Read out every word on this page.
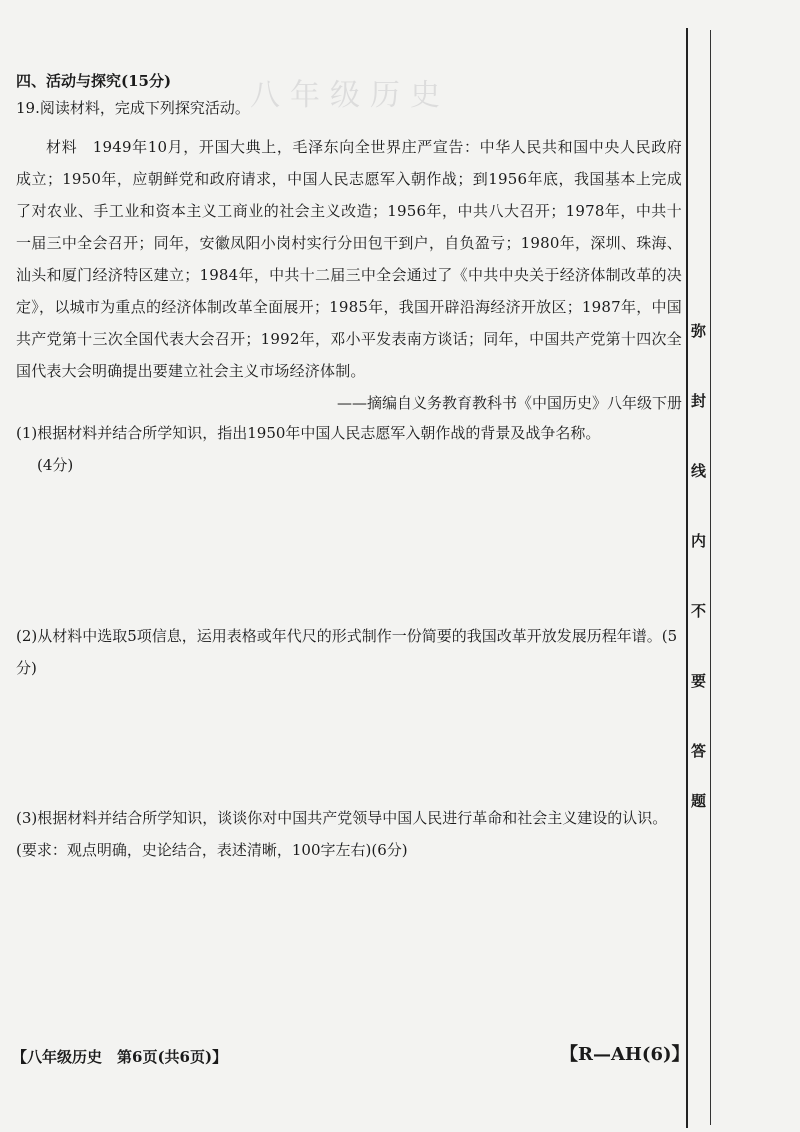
八年级历史
四、活动与探究(15分)
19.阅读材料，完成下列探究活动。

材料　1949年10月，开国大典上，毛泽东向全世界庄严宣告：中华人民共和国中央人民政府成立；1950年，应朝鲜党和政府请求，中国人民志愿军入朝作战；到1956年底，我国基本上完成了对农业、手工业和资本主义工商业的社会主义改造；1956年，中共八大召开；1978年，中共十一届三中全会召开；同年，安徽凤阳小岗村实行分田包干到户，自负盈亏；1980年，深圳、珠海、汕头和厦门经济特区建立；1984年，中共十二届三中全会通过了《中共中央关于经济体制改革的决定》，以城市为重点的经济体制改革全面展开；1985年，我国开辟沿海经济开放区；1987年，中国共产党第十三次全国代表大会召开；1992年，邓小平发表南方谈话；同年，中国共产党第十四次全国代表大会明确提出要建立社会主义市场经济体制。

——摘编自义务教育教科书《中国历史》八年级下册

(1)根据材料并结合所学知识，指出1950年中国人民志愿军入朝作战的背景及战争名称。
(4分)

(2)从材料中选取5项信息，运用表格或年代尺的形式制作一份简要的我国改革开放发展历程年谱。(5分)

(3)根据材料并结合所学知识，谈谈你对中国共产党领导中国人民进行革命和社会主义建设的认识。(要求：观点明确，史论结合，表述清晰，100字左右)(6分)

弥
封
线
内
不
要
答
题
【八年级历史　第6页(共6页)】	【R—AH(6)】
